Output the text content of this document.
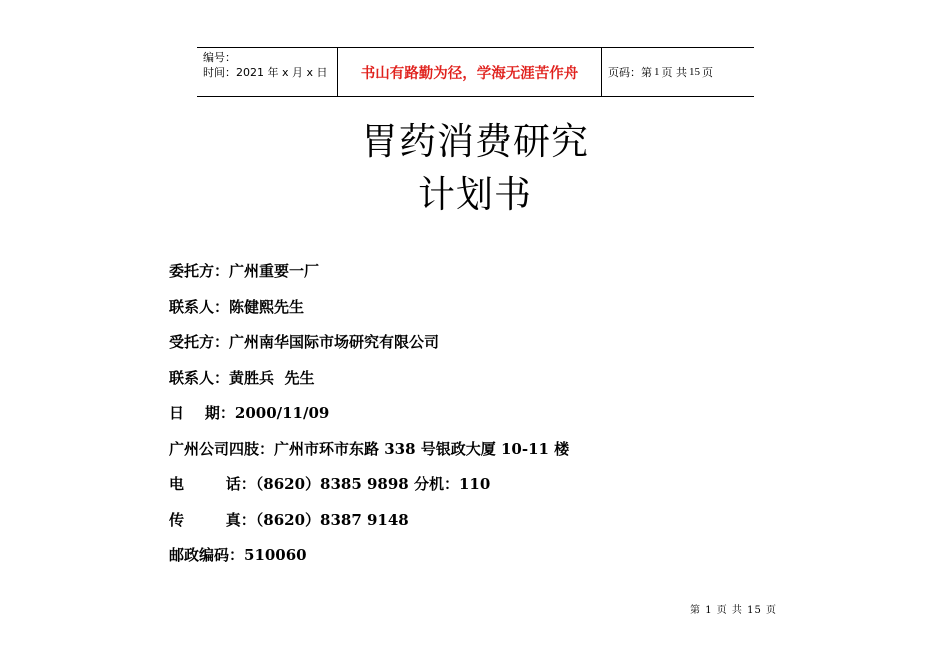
编号：
时间：2021 年 x 月 x 日	书山有路勤为径，学海无涯苦作舟	页码：第 1 页 共 15 页
胃药消费研究
计划书
委托方：广州重要一厂
联系人：陈健熙先生
受托方：广州南华国际市场研究有限公司
联系人：黄胜兵  先生
日    期：2000/11/09
广州公司四肢：广州市环市东路 338 号银政大厦 10-11 楼
电        话：（8620）8385 9898 分机：110
传        真：（8620）8387 9148
邮政编码：510060
第 1 页 共 15 页
